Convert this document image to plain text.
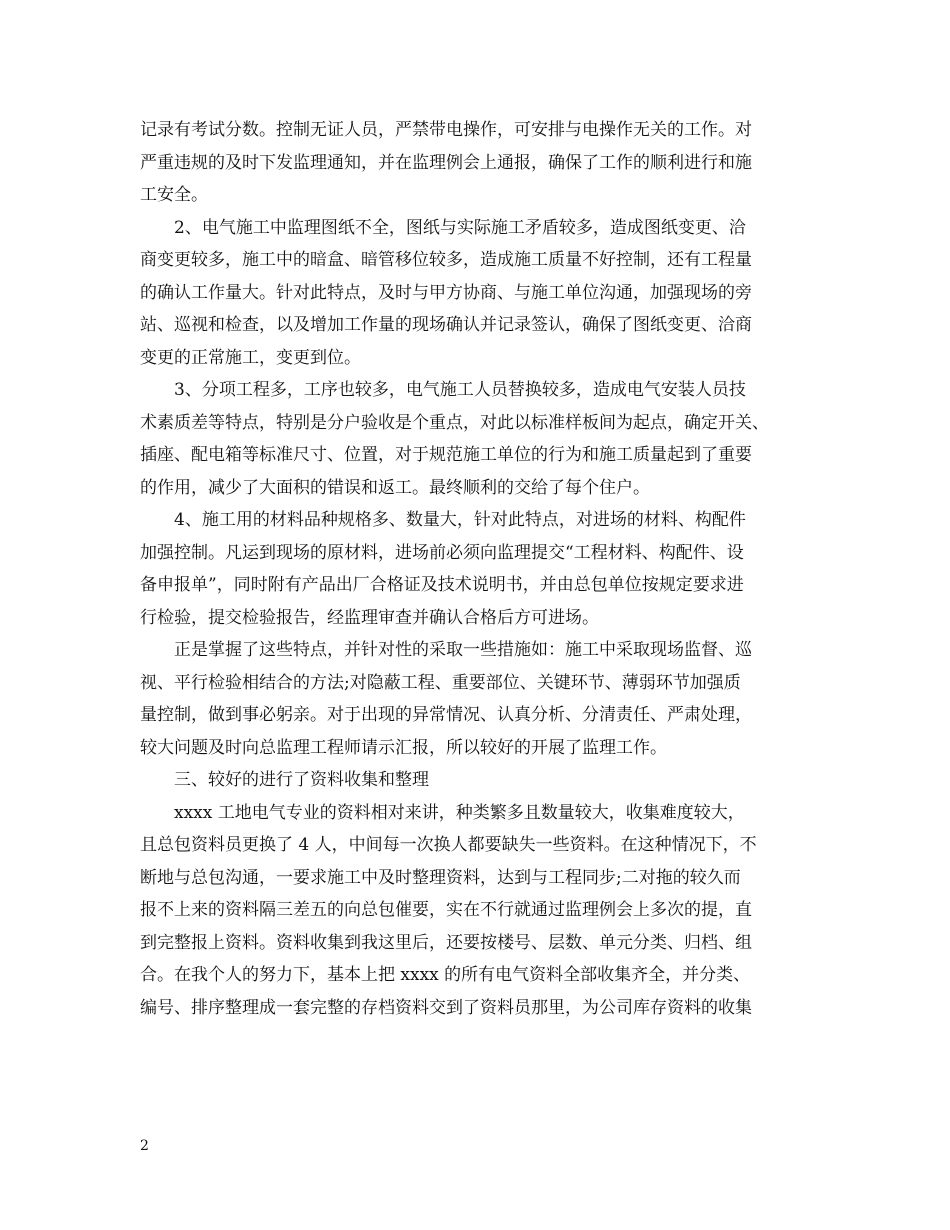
记录有考试分数。控制无证人员，严禁带电操作，可安排与电操作无关的工作。对
严重违规的及时下发监理通知，并在监理例会上通报，确保了工作的顺利进行和施
工安全。
2、电气施工中监理图纸不全，图纸与实际施工矛盾较多，造成图纸变更、洽
商变更较多，施工中的暗盒、暗管移位较多，造成施工质量不好控制，还有工程量
的确认工作量大。针对此特点，及时与甲方协商、与施工单位沟通，加强现场的旁
站、巡视和检查，以及增加工作量的现场确认并记录签认，确保了图纸变更、洽商
变更的正常施工，变更到位。
3、分项工程多，工序也较多，电气施工人员替换较多，造成电气安装人员技
术素质差等特点，特别是分户验收是个重点，对此以标准样板间为起点，确定开关、
插座、配电箱等标准尺寸、位置，对于规范施工单位的行为和施工质量起到了重要
的作用，减少了大面积的错误和返工。最终顺利的交给了每个住户。
4、施工用的材料品种规格多、数量大，针对此特点，对进场的材料、构配件
加强控制。凡运到现场的原材料，进场前必须向监理提交“工程材料、构配件、设
备申报单”，同时附有产品出厂合格证及技术说明书，并由总包单位按规定要求进
行检验，提交检验报告，经监理审查并确认合格后方可进场。
正是掌握了这些特点，并针对性的采取一些措施如：施工中采取现场监督、巡
视、平行检验相结合的方法;对隐蔽工程、重要部位、关键环节、薄弱环节加强质
量控制，做到事必躬亲。对于出现的异常情况、认真分析、分清责任、严肃处理，
较大问题及时向总监理工程师请示汇报，所以较好的开展了监理工作。
三、较好的进行了资料收集和整理
xxxx 工地电气专业的资料相对来讲，种类繁多且数量较大，收集难度较大，
且总包资料员更换了 4 人，中间每一次换人都要缺失一些资料。在这种情况下，不
断地与总包沟通，一要求施工中及时整理资料，达到与工程同步;二对拖的较久而
报不上来的资料隔三差五的向总包催要，实在不行就通过监理例会上多次的提，直
到完整报上资料。资料收集到我这里后，还要按楼号、层数、单元分类、归档、组
合。在我个人的努力下，基本上把 xxxx 的所有电气资料全部收集齐全，并分类、
编号、排序整理成一套完整的存档资料交到了资料员那里，为公司库存资料的收集
2
